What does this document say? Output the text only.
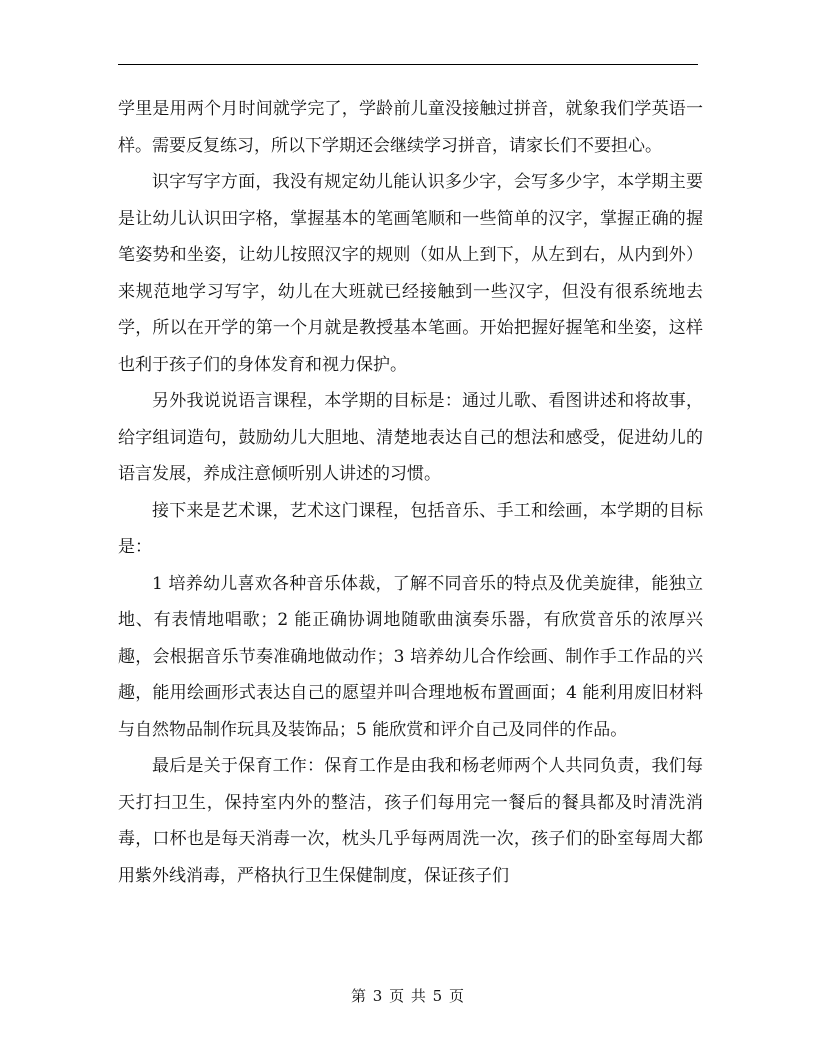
学里是用两个月时间就学完了，学龄前儿童没接触过拼音，就象我们学英语一样。需要反复练习，所以下学期还会继续学习拼音，请家长们不要担心。

识字写字方面，我没有规定幼儿能认识多少字，会写多少字，本学期主要是让幼儿认识田字格，掌握基本的笔画笔顺和一些简单的汉字，掌握正确的握笔姿势和坐姿，让幼儿按照汉字的规则（如从上到下，从左到右，从内到外）来规范地学习写字，幼儿在大班就已经接触到一些汉字，但没有很系统地去学，所以在开学的第一个月就是教授基本笔画。开始把握好握笔和坐姿，这样也利于孩子们的身体发育和视力保护。

另外我说说语言课程，本学期的目标是：通过儿歌、看图讲述和将故事，给字组词造句，鼓励幼儿大胆地、清楚地表达自己的想法和感受，促进幼儿的语言发展，养成注意倾听别人讲述的习惯。

接下来是艺术课，艺术这门课程，包括音乐、手工和绘画，本学期的目标是：

1 培养幼儿喜欢各种音乐体裁，了解不同音乐的特点及优美旋律，能独立地、有表情地唱歌；2 能正确协调地随歌曲演奏乐器，有欣赏音乐的浓厚兴趣，会根据音乐节奏准确地做动作；3 培养幼儿合作绘画、制作手工作品的兴趣，能用绘画形式表达自己的愿望并叫合理地板布置画面；4 能利用废旧材料与自然物品制作玩具及装饰品；5 能欣赏和评介自己及同伴的作品。

最后是关于保育工作：保育工作是由我和杨老师两个人共同负责，我们每天打扫卫生，保持室内外的整洁，孩子们每用完一餐后的餐具都及时清洗消毒，口杯也是每天消毒一次，枕头几乎每两周洗一次，孩子们的卧室每周大都用紫外线消毒，严格执行卫生保健制度，保证孩子们

第 3 页 共 5 页
